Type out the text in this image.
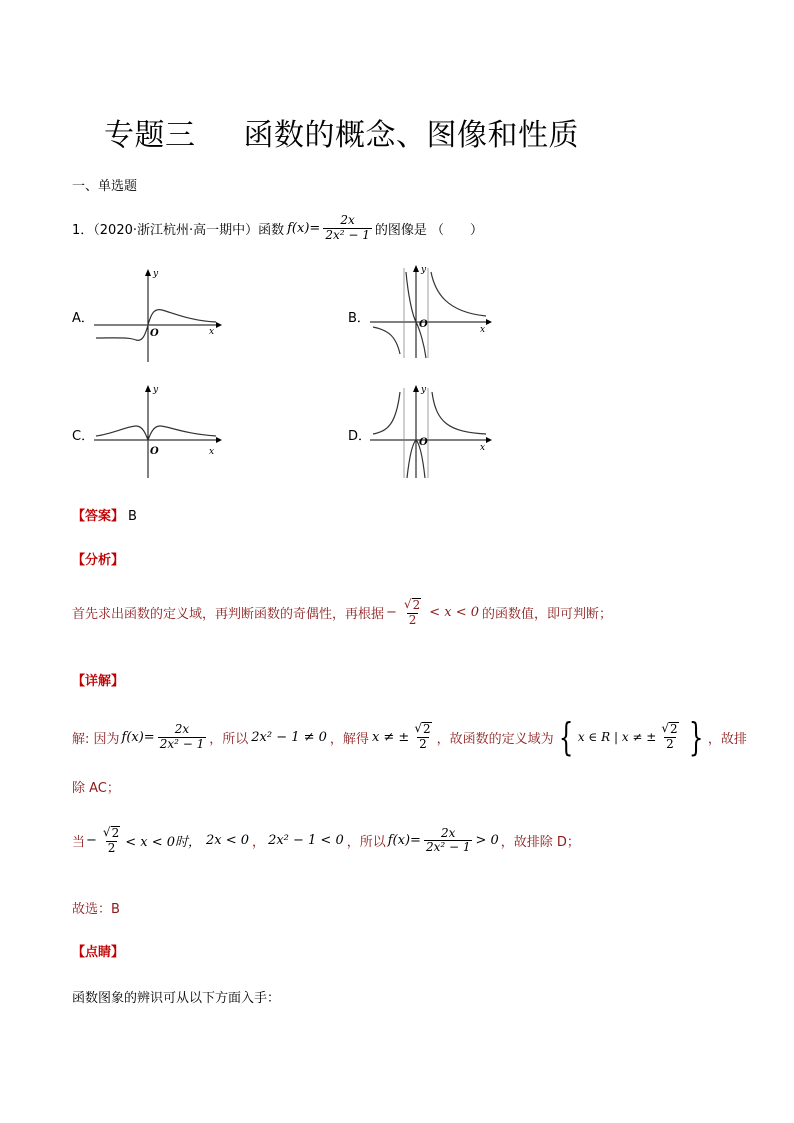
专题三 函数的概念、图像和性质
一、单选题
1．（2020·浙江杭州·高一期中）函数 $f(x)= \frac{2x}{\text{2x² − 1}}$ 的图像是 （　　）
A．
y
x
O
B．
y
x
O
C．
y
x
O
D．
y
x
O
【答案】 B
【分析】
首先求出函数的定义域，再判断函数的奇偶性，再根据 − $\frac{√ 2}{2} < x < 0$ 的函数值，即可判断；
【详解】
解: 因为 $f(x)= \frac{2x}{\text{2x² − 1}}$ ，所以 2x² − 1 ≠ 0 ，解得 x ≠ ± $\frac{√ 2}{2}$ ，故函数的定义域为 { x ∈ R | x ≠ ± $\frac{√ 2}{2}$ } ，故排
除 AC；
当 − $\frac{√ 2}{2} < x < 0$时， 2x < 0 ， 2x² − 1 < 0 ，所以 $f(x)= \frac{2x}{\text{2x² − 1}} > 0$ ，故排除 D；
故选：B
【点睛】
函数图象的辨识可从以下方面入手：
